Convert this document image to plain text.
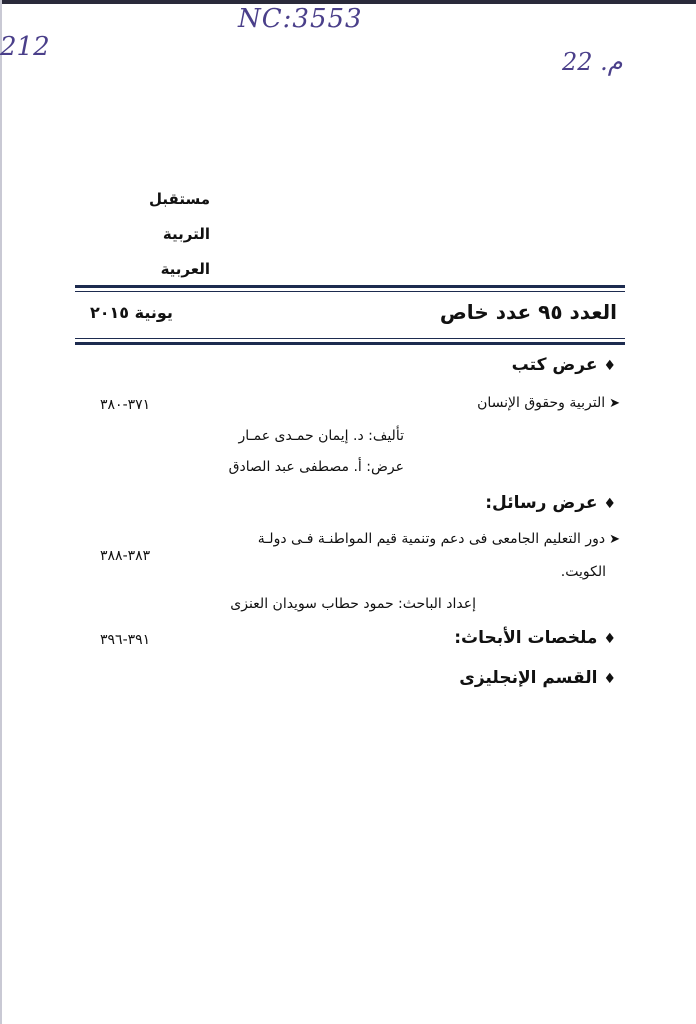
NC:3553
212	م. 22
مستقبل
التربية
العربية
العدد ٩٥ عدد خاص
يونية ٢٠١٥
♦عرض كتب
➤التربية وحقوق الإنسان
٣٧١-٣٨٠
تأليف: د. إيمان حمـدى عمـار
عرض: أ. مصطفى عبد الصادق
♦عرض رسائل:
➤دور التعليم الجامعى فى دعم وتنمية قيم المواطنـة فـى دولـة
٣٨٣-٣٨٨
الكويت.
إعداد الباحث: حمود حطاب سويدان العنزى
♦ملخصات الأبحاث:
٣٩١-٣٩٦
♦القسم الإنجليزى
